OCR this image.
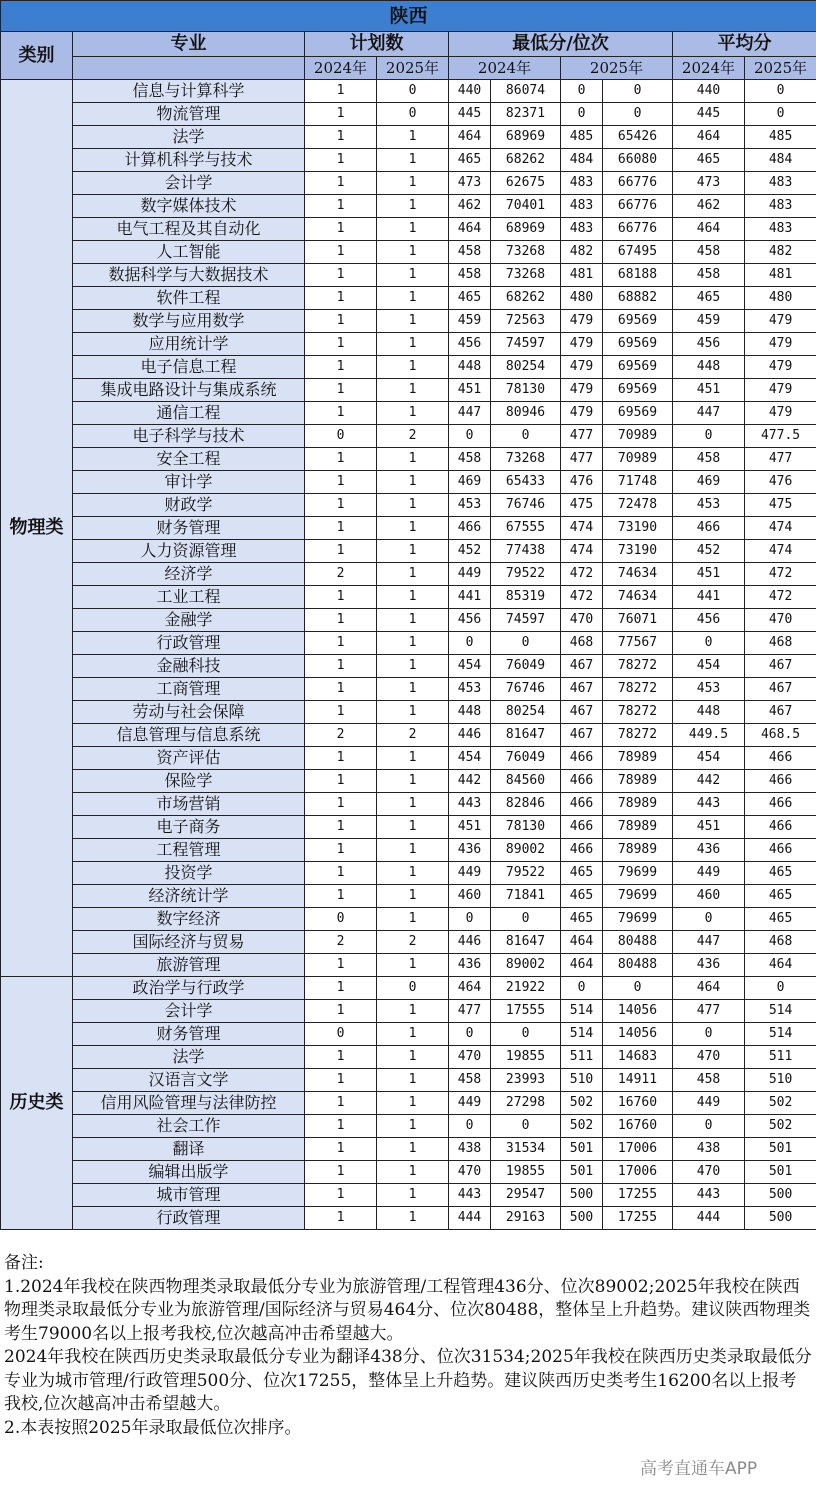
陕西									
类别	专业	计划数		最低分/位次				平均分	
		2024年	2025年	2024年		2025年		2024年	2025年
物理类	信息与计算科学	1	0	440	86074	0	0	440	0
	物流管理	1	0	445	82371	0	0	445	0
	法学	1	1	464	68969	485	65426	464	485
	计算机科学与技术	1	1	465	68262	484	66080	465	484
	会计学	1	1	473	62675	483	66776	473	483
	数字媒体技术	1	1	462	70401	483	66776	462	483
	电气工程及其自动化	1	1	464	68969	483	66776	464	483
	人工智能	1	1	458	73268	482	67495	458	482
	数据科学与大数据技术	1	1	458	73268	481	68188	458	481
	软件工程	1	1	465	68262	480	68882	465	480
	数学与应用数学	1	1	459	72563	479	69569	459	479
	应用统计学	1	1	456	74597	479	69569	456	479
	电子信息工程	1	1	448	80254	479	69569	448	479
	集成电路设计与集成系统	1	1	451	78130	479	69569	451	479
	通信工程	1	1	447	80946	479	69569	447	479
	电子科学与技术	0	2	0	0	477	70989	0	477.5
	安全工程	1	1	458	73268	477	70989	458	477
	审计学	1	1	469	65433	476	71748	469	476
	财政学	1	1	453	76746	475	72478	453	475
	财务管理	1	1	466	67555	474	73190	466	474
	人力资源管理	1	1	452	77438	474	73190	452	474
	经济学	2	1	449	79522	472	74634	451	472
	工业工程	1	1	441	85319	472	74634	441	472
	金融学	1	1	456	74597	470	76071	456	470
	行政管理	1	1	0	0	468	77567	0	468
	金融科技	1	1	454	76049	467	78272	454	467
	工商管理	1	1	453	76746	467	78272	453	467
	劳动与社会保障	1	1	448	80254	467	78272	448	467
	信息管理与信息系统	2	2	446	81647	467	78272	449.5	468.5
	资产评估	1	1	454	76049	466	78989	454	466
	保险学	1	1	442	84560	466	78989	442	466
	市场营销	1	1	443	82846	466	78989	443	466
	电子商务	1	1	451	78130	466	78989	451	466
	工程管理	1	1	436	89002	466	78989	436	466
	投资学	1	1	449	79522	465	79699	449	465
	经济统计学	1	1	460	71841	465	79699	460	465
	数字经济	0	1	0	0	465	79699	0	465
	国际经济与贸易	2	2	446	81647	464	80488	447	468
	旅游管理	1	1	436	89002	464	80488	436	464
历史类	政治学与行政学	1	0	464	21922	0	0	464	0
	会计学	1	1	477	17555	514	14056	477	514
	财务管理	0	1	0	0	514	14056	0	514
	法学	1	1	470	19855	511	14683	470	511
	汉语言文学	1	1	458	23993	510	14911	458	510
	信用风险管理与法律防控	1	1	449	27298	502	16760	449	502
	社会工作	1	1	0	0	502	16760	0	502
	翻译	1	1	438	31534	501	17006	438	501
	编辑出版学	1	1	470	19855	501	17006	470	501
	城市管理	1	1	443	29547	500	17255	443	500
	行政管理	1	1	444	29163	500	17255	444	500
备注:
1.2024年我校在陕西物理类录取最低分专业为旅游管理/工程管理436分、位次89002;2025年我校在陕西物理类录取最低分专业为旅游管理/国际经济与贸易464分、位次80488，整体呈上升趋势。建议陕西物理类考生79000名以上报考我校,位次越高冲击希望越大。
2024年我校在陕西历史类录取最低分专业为翻译438分、位次31534;2025年我校在陕西历史类录取最低分专业为城市管理/行政管理500分、位次17255，整体呈上升趋势。建议陕西历史类考生16200名以上报考我校,位次越高冲击希望越大。
2.本表按照2025年录取最低位次排序。
高考直通车APP
